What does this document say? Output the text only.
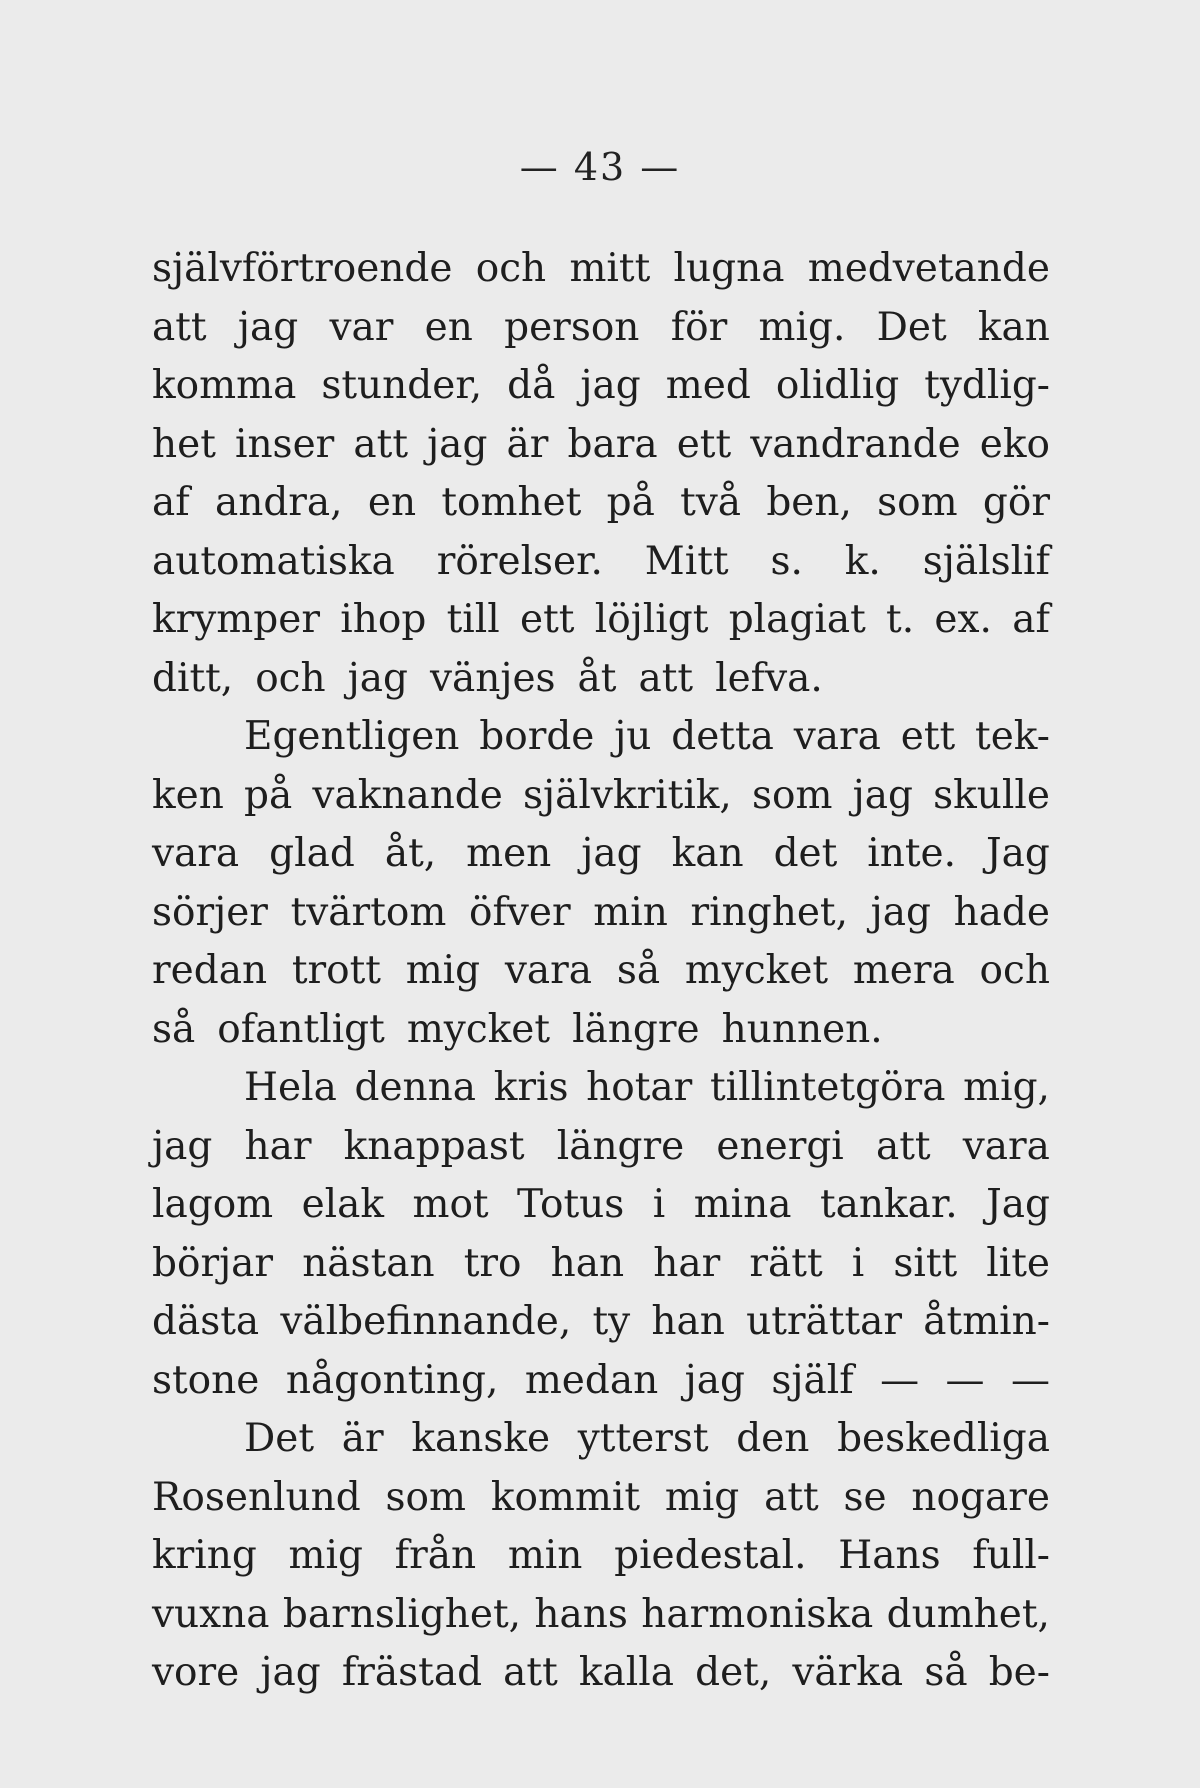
— 43 —
självförtroende och mitt lugna medvetande
att jag var en person för mig. Det kan
komma stunder, då jag med olidlig tydlig-
het inser att jag är bara ett vandrande eko
af andra, en tomhet på två ben, som gör
automatiska rörelser. Mitt s. k. själslif
krymper ihop till ett löjligt plagiat t. ex. af
ditt, och jag vänjes åt att lefva.
Egentligen borde ju detta vara ett tek-
ken på vaknande självkritik, som jag skulle
vara glad åt, men jag kan det inte. Jag
sörjer tvärtom öfver min ringhet, jag hade
redan trott mig vara så mycket mera och
så ofantligt mycket längre hunnen.
Hela denna kris hotar tillintetgöra mig,
jag har knappast längre energi att vara
lagom elak mot Totus i mina tankar. Jag
börjar nästan tro han har rätt i sitt lite
dästa välbefinnande, ty han uträttar åtmin-
stone någonting, medan jag själf — — —
Det är kanske ytterst den beskedliga
Rosenlund som kommit mig att se nogare
kring mig från min piedestal. Hans full-
vuxna barnslighet, hans harmoniska dumhet,
vore jag frästad att kalla det, värka så be-
